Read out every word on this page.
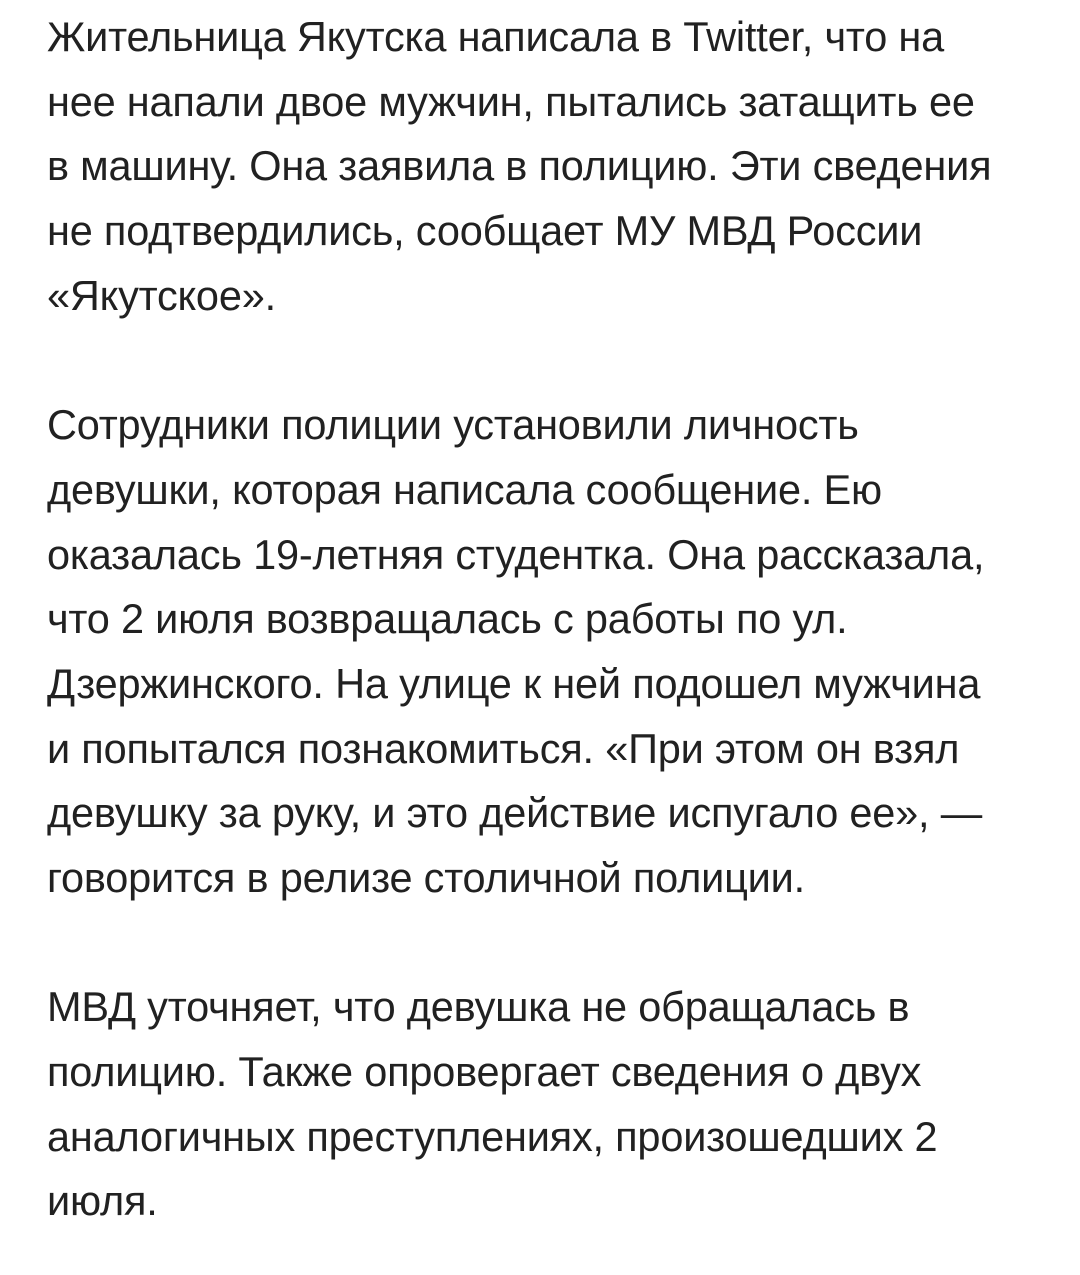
Жительница Якутска написала в Twitter, что на
нее напали двое мужчин, пытались затащить ее
в машину. Она заявила в полицию. Эти сведения
не подтвердились, сообщает МУ МВД России
«Якутское».
Сотрудники полиции установили личность
девушки, которая написала сообщение. Ею
оказалась 19-летняя студентка. Она рассказала,
что 2 июля возвращалась с работы по ул.
Дзержинского. На улице к ней подошел мужчина
и попытался познакомиться. «При этом он взял
девушку за руку, и это действие испугало ее», —
говорится в релизе столичной полиции.
МВД уточняет, что девушка не обращалась в
полицию. Также опровергает сведения о двух
аналогичных преступлениях, произошедших 2
июля.
